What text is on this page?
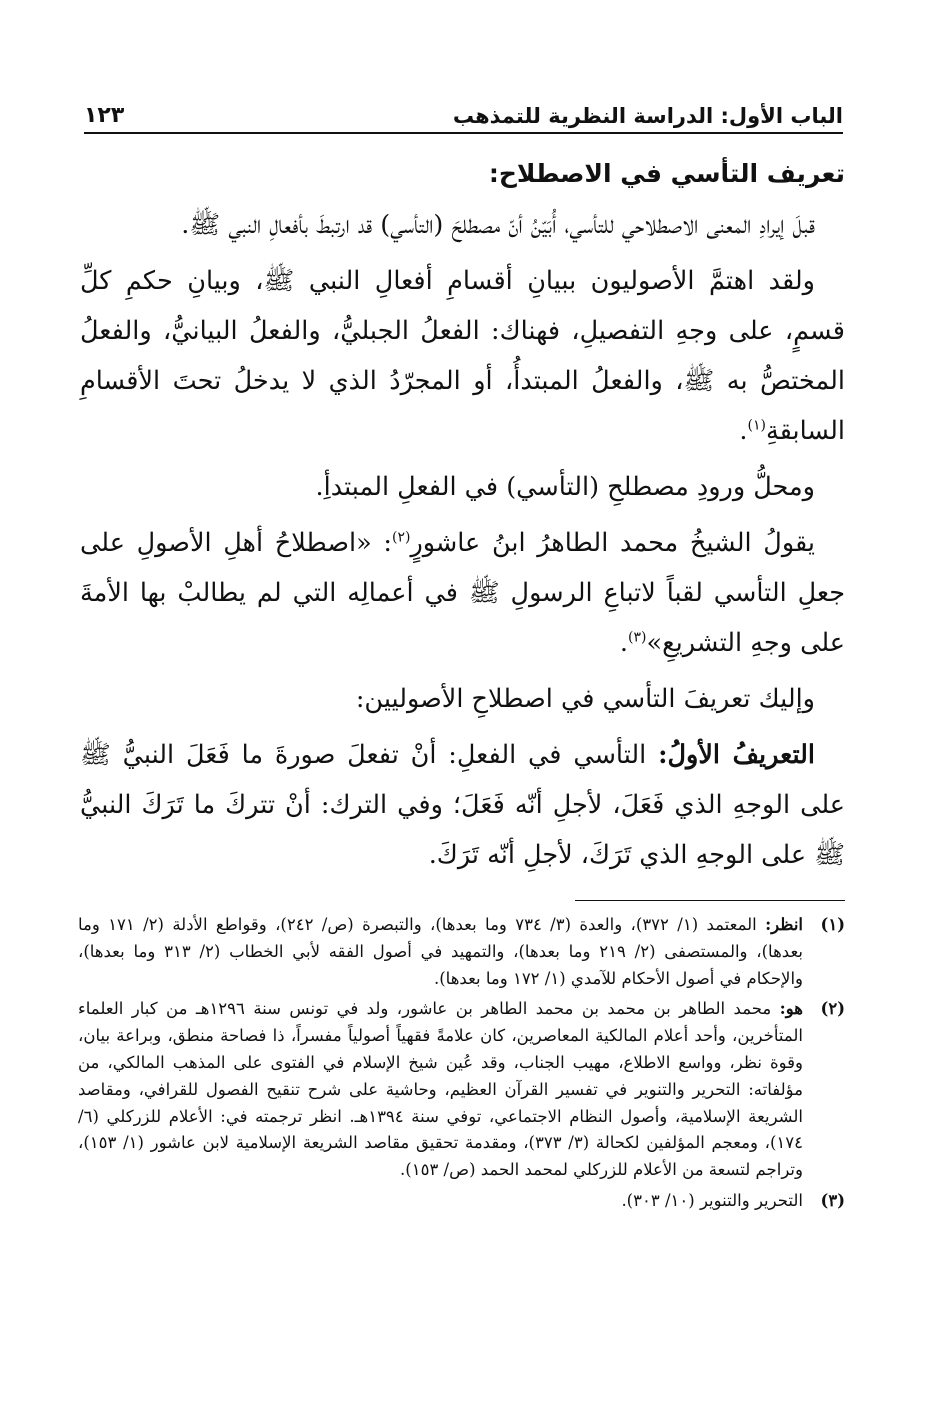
الباب الأول: الدراسة النظرية للتمذهب
١٢٣
تعريف التأسي في الاصطلاح:

قبلَ إيرادِ المعنى الاصطلاحي للتأسي، أُبَيّنُ أنّ مصطلحَ (التأسي) قد ارتبطَ بأفعالِ النبي ﷺ.

ولقد اهتمَّ الأصوليون ببيانِ أقسامِ أفعالِ النبي ﷺ، وبيانِ حكمِ كلِّ قسمٍ، على وجهِ التفصيلِ، فهناك: الفعلُ الجبليُّ، والفعلُ البيانيُّ، والفعلُ المختصُّ به ﷺ، والفعلُ المبتدأُ، أو المجرّدُ الذي لا يدخلُ تحتَ الأقسامِ السابقةِ$^{(١)}$.

ومحلُّ ورودِ مصطلحِ (التأسي) في الفعلِ المبتدأِ.

يقولُ الشيخُ محمد الطاهرُ ابنُ عاشورٍ$^{(٢)}$: «اصطلاحُ أهلِ الأصولِ على جعلِ التأسي لقباً لاتباعِ الرسولِ ﷺ في أعمالِه التي لم يطالبْ بها الأمةَ على وجهِ التشريعِ»$^{(٣)}$.

وإليك تعريفَ التأسي في اصطلاحِ الأصوليين:

التعريفُ الأولُ: التأسي في الفعلِ: أنْ تفعلَ صورةَ ما فَعَلَ النبيُّ ﷺ على الوجهِ الذي فَعَلَ، لأجلِ أنّه فَعَلَ؛ وفي الترك: أنْ تتركَ ما تَرَكَ النبيُّ ﷺ على الوجهِ الذي تَرَكَ، لأجلِ أنّه تَرَكَ.

(١)
انظر: المعتمد (١/ ٣٧٢)، والعدة (٣/ ٧٣٤ وما بعدها)، والتبصرة (ص/ ٢٤٢)، وقواطع الأدلة (٢/ ١٧١ وما بعدها)، والمستصفى (٢/ ٢١٩ وما بعدها)، والتمهيد في أصول الفقه لأبي الخطاب (٢/ ٣١٣ وما بعدها)، والإحكام في أصول الأحكام للآمدي (١/ ١٧٢ وما بعدها).
(٢)
هو: محمد الطاهر بن محمد بن محمد الطاهر بن عاشور، ولد في تونس سنة ١٢٩٦هـ من كبار العلماء المتأخرين، وأحد أعلام المالكية المعاصرين، كان علامةً فقهياً أصولياً مفسراً، ذا فصاحة منطق، وبراعة بيان، وقوة نظر، وواسع الاطلاع، مهيب الجناب، وقد عُين شيخ الإسلام في الفتوى على المذهب المالكي، من مؤلفاته: التحرير والتنوير في تفسير القرآن العظيم، وحاشية على شرح تنقيح الفصول للقرافي، ومقاصد الشريعة الإسلامية، وأصول النظام الاجتماعي، توفي سنة ١٣٩٤هـ. انظر ترجمته في: الأعلام للزركلي (٦/ ١٧٤)، ومعجم المؤلفين لكحالة (٣/ ٣٧٣)، ومقدمة تحقيق مقاصد الشريعة الإسلامية لابن عاشور (١/ ١٥٣)، وتراجم لتسعة من الأعلام للزركلي لمحمد الحمد (ص/ ١٥٣).
(٣)
التحرير والتنوير (١٠/ ٣٠٣).
